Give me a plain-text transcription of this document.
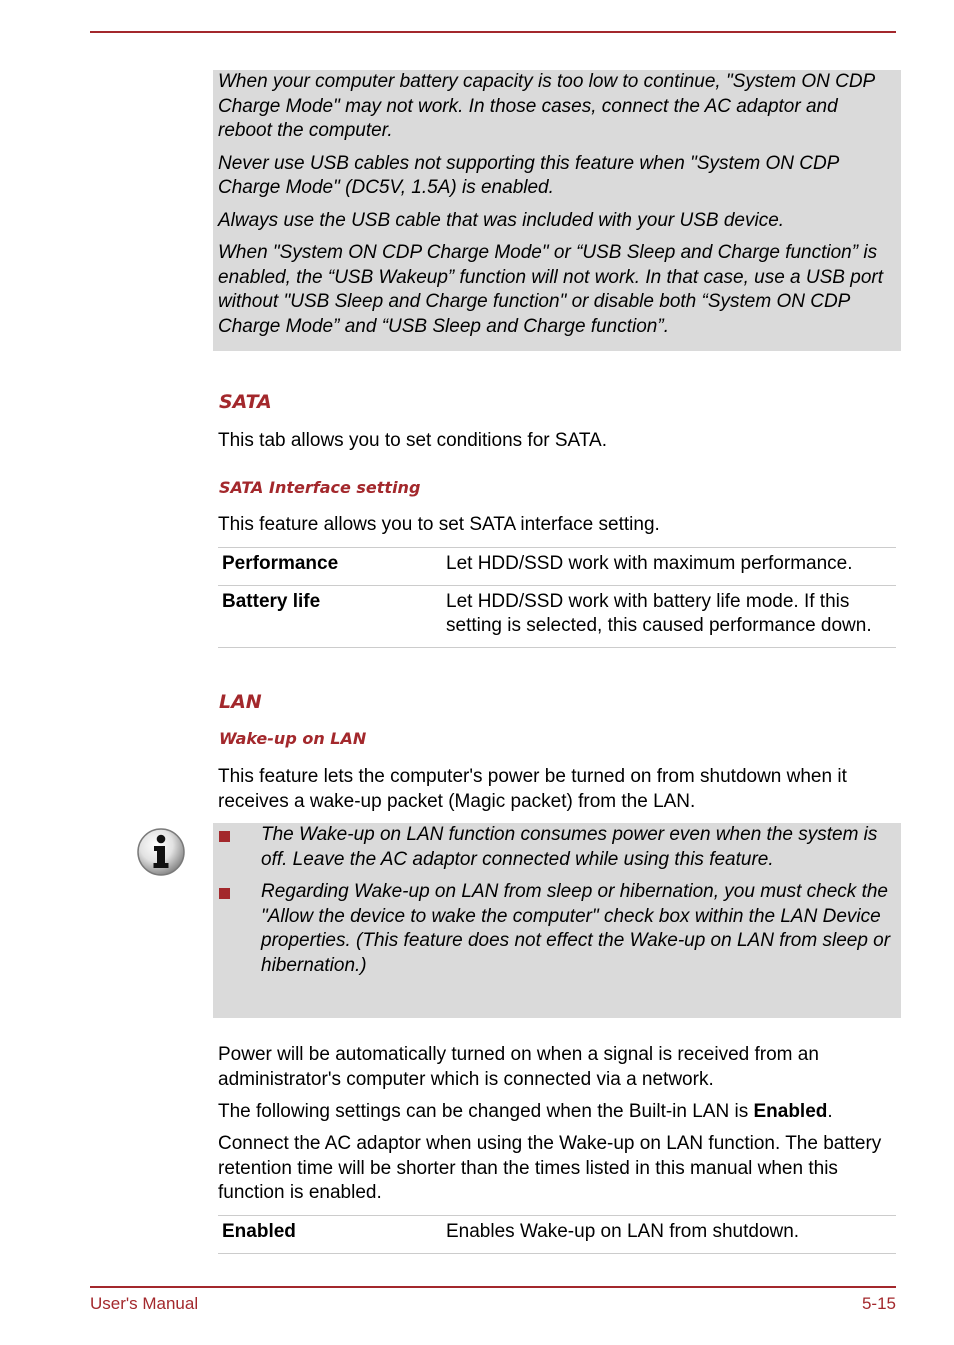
When your computer battery capacity is too low to continue, "System ON CDP Charge Mode" may not work. In those cases, connect the AC adaptor and reboot the computer.

Never use USB cables not supporting this feature when "System ON CDP Charge Mode" (DC5V, 1.5A) is enabled.

Always use the USB cable that was included with your USB device.

When "System ON CDP Charge Mode" or “USB Sleep and Charge function” is enabled, the “USB Wakeup” function will not work. In that case, use a USB port without "USB Sleep and Charge function" or disable both “System ON CDP Charge Mode” and “USB Sleep and Charge function”.

SATA

This tab allows you to set conditions for SATA.

SATA Interface setting

This feature allows you to set SATA interface setting.

Performance	Let HDD/SSD work with maximum performance.
Battery life	Let HDD/SSD work with battery life mode. If this setting is selected, this caused performance down.
LAN
Wake-up on LAN

This feature lets the computer's power be turned on from shutdown when it receives a wake-up packet (Magic packet) from the LAN.

The Wake-up on LAN function consumes power even when the system is off. Leave the AC adaptor connected while using this feature.
Regarding Wake-up on LAN from sleep or hibernation, you must check the "Allow the device to wake the computer" check box within the LAN Device properties. (This feature does not effect the Wake-up on LAN from sleep or hibernation.)

Power will be automatically turned on when a signal is received from an administrator's computer which is connected via a network.

The following settings can be changed when the Built-in LAN is Enabled.

Connect the AC adaptor when using the Wake-up on LAN function. The battery retention time will be shorter than the times listed in this manual when this function is enabled.

Enabled	Enables Wake-up on LAN from shutdown.
User's Manual	5-15
